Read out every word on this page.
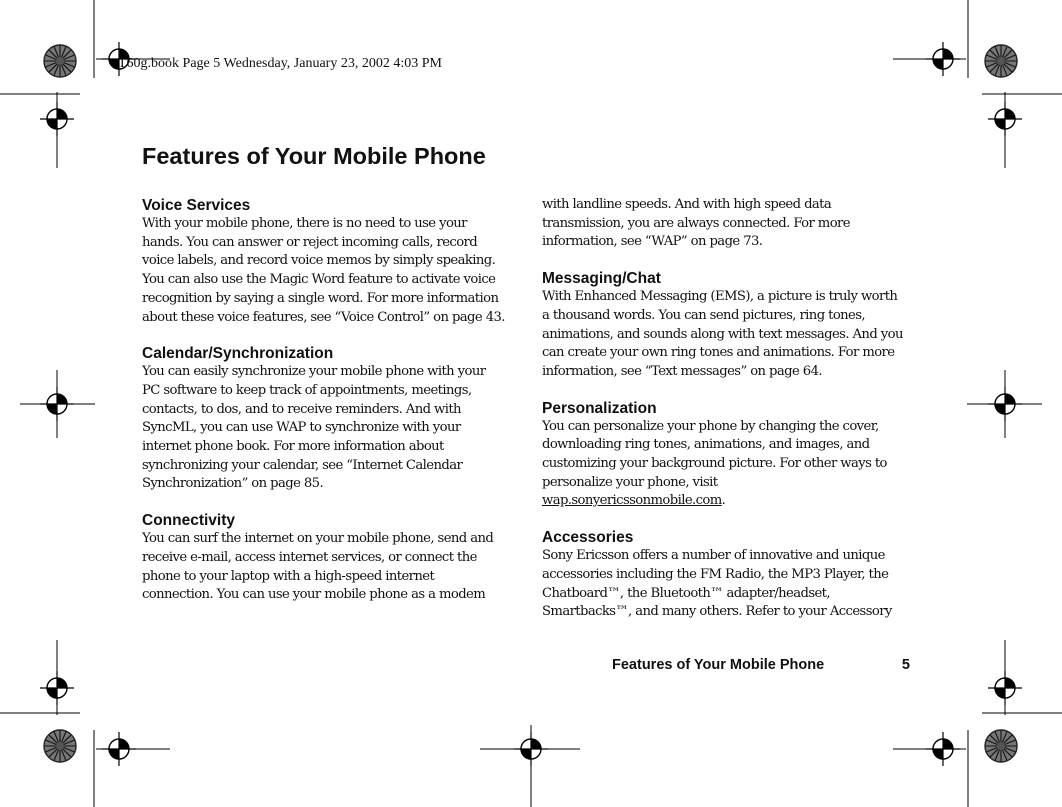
T60g.book Page 5 Wednesday, January 23, 2002 4:03 PM
Features of Your Mobile Phone
Voice Services

With your mobile phone, there is no need to use your hands. You can answer or reject incoming calls, record voice labels, and record voice memos by simply speaking. You can also use the Magic Word feature to activate voice recognition by saying a single word. For more information about these voice features, see “Voice Control” on page 43.

Calendar/Synchronization

You can easily synchronize your mobile phone with your PC software to keep track of appointments, meetings, contacts, to dos, and to receive reminders. And with SyncML, you can use WAP to synchronize with your internet phone book. For more information about synchronizing your calendar, see “Internet Calendar Synchronization” on page 85.

Connectivity

You can surf the internet on your mobile phone, send and receive e-mail, access internet services, or connect the phone to your laptop with a high-speed internet connection. You can use your mobile phone as a modem

with landline speeds. And with high speed data transmission, you are always connected. For more information, see “WAP” on page 73.

Messaging/Chat

With Enhanced Messaging (EMS), a picture is truly worth a thousand words. You can send pictures, ring tones, animations, and sounds along with text messages. And you can create your own ring tones and animations. For more information, see “Text messages” on page 64.

Personalization

You can personalize your phone by changing the cover, downloading ring tones, animations, and images, and customizing your background picture. For other ways to personalize your phone, visit
wap.sonyericssonmobile.com.

Accessories

Sony Ericsson offers a number of innovative and unique accessories including the FM Radio, the MP3 Player, the Chatboard™, the Bluetooth™ adapter/headset, Smartbacks™, and many others. Refer to your Accessory

Features of Your Mobile Phone	5
